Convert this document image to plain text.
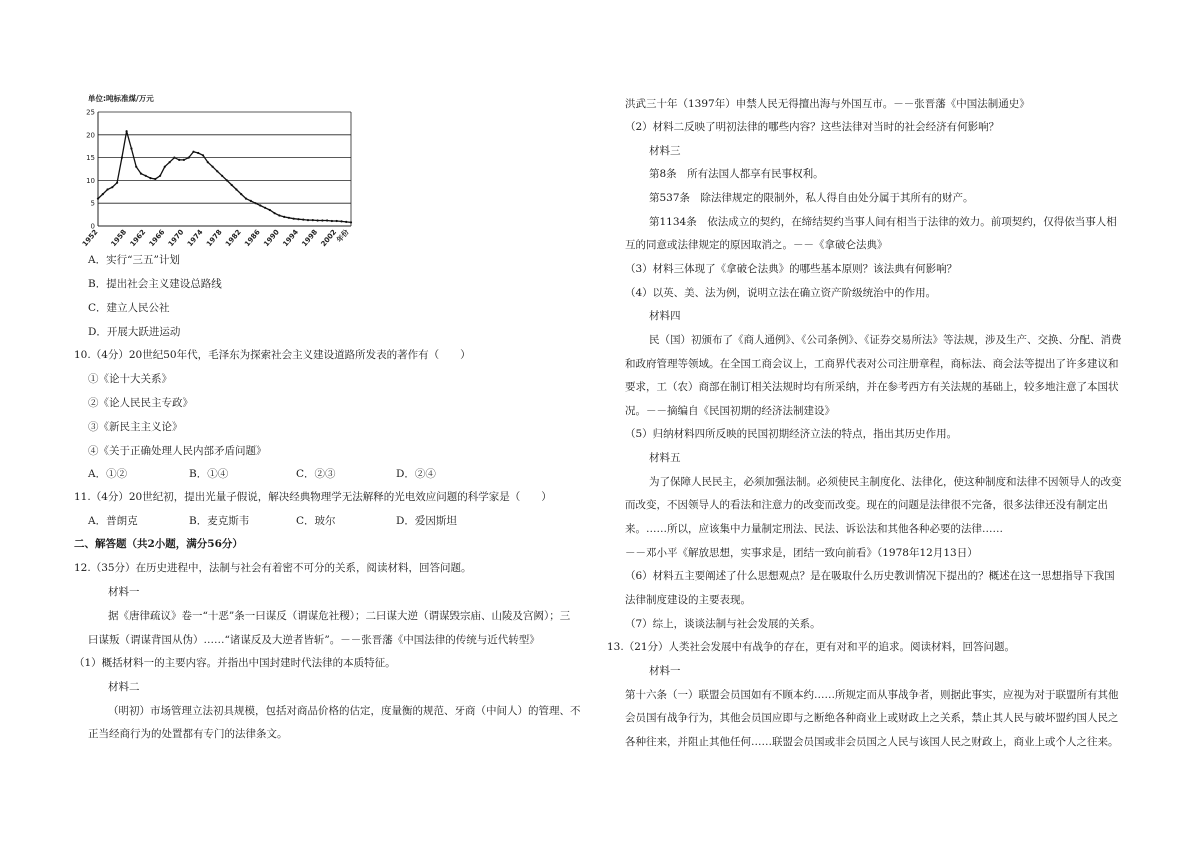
单位:吨标准煤/万元
0
5
10
15
20
25
1952 1958 1962 1966 1970 1974 1978 1982 1986 1990 1994 1998 2002
年份
A．实行“三五”计划
B．提出社会主义建设总路线
C．建立人民公社
D．开展大跃进运动
10.（4分）20世纪50年代，毛泽东为探索社会主义建设道路所发表的著作有（　　）
①《论十大关系》
②《论人民民主专政》
③《新民主主义论》
④《关于正确处理人民内部矛盾问题》
A．①②	B．①④	C．②③	D．②④
11.（4分）20世纪初，提出光量子假说，解决经典物理学无法解释的光电效应问题的科学家是（　　）
A．普朗克	B．麦克斯韦	C．玻尔	D．爱因斯坦
二、解答题（共2小题，满分56分）
12.（35分）在历史进程中，法制与社会有着密不可分的关系，阅读材料，回答问题。
材料一
据《唐律疏议》卷一“十恶”条一曰谋反（谓谋危社稷）；二曰谋大逆（谓谋毁宗庙、山陵及宫阙）；三
曰谋叛（谓谋背国从伪）……“诸谋反及大逆者皆斩”。－－张晋藩《中国法律的传统与近代转型》
（1）概括材料一的主要内容。并指出中国封建时代法律的本质特征。
材料二
（明初）市场管理立法初具规模，包括对商品价格的估定，度量衡的规范、牙商（中间人）的管理、不
正当经商行为的处置都有专门的法律条文。
洪武三十年（1397年）申禁人民无得擅出海与外国互市。－－张晋藩《中国法制通史》
（2）材料二反映了明初法律的哪些内容？这些法律对当时的社会经济有何影响？
材料三
第8条　所有法国人都享有民事权利。
第537条　除法律规定的限制外，私人得自由处分属于其所有的财产。
第1134条　依法成立的契约，在缔结契约当事人间有相当于法律的效力。前项契约，仅得依当事人相
互的同意或法律规定的原因取消之。－－《拿破仑法典》
（3）材料三体现了《拿破仑法典》的哪些基本原则？该法典有何影响？
（4）以英、美、法为例，说明立法在确立资产阶级统治中的作用。
材料四
民（国）初颁布了《商人通例》、《公司条例》、《证券交易所法》等法规，涉及生产、交换、分配、消费
和政府管理等领域。在全国工商会议上，工商界代表对公司注册章程，商标法、商会法等提出了许多建议和
要求，工（农）商部在制订相关法规时均有所采纳，并在参考西方有关法规的基础上，较多地注意了本国状
况。－－摘编自《民国初期的经济法制建设》
（5）归纳材料四所反映的民国初期经济立法的特点，指出其历史作用。
材料五
为了保障人民民主，必须加强法制。必须使民主制度化、法律化，使这种制度和法律不因领导人的改变
而改变，不因领导人的看法和注意力的改变而改变。现在的问题是法律很不完备，很多法律还没有制定出
来。……所以，应该集中力量制定刑法、民法、诉讼法和其他各种必要的法律……
－－邓小平《解放思想，实事求是，团结一致向前看》（1978年12月13日）
（6）材料五主要阐述了什么思想观点？是在吸取什么历史教训情况下提出的？概述在这一思想指导下我国
法律制度建设的主要表现。
（7）综上，谈谈法制与社会发展的关系。
13.（21分）人类社会发展中有战争的存在，更有对和平的追求。阅读材料，回答问题。
材料一
第十六条（一）联盟会员国如有不顾本约……所规定而从事战争者，则据此事实，应视为对于联盟所有其他
会员国有战争行为，其他会员国应即与之断绝各种商业上或财政上之关系，禁止其人民与破坏盟约国人民之
各种往来，并阻止其他任何……联盟会员国或非会员国之人民与该国人民之财政上，商业上或个人之往来。
